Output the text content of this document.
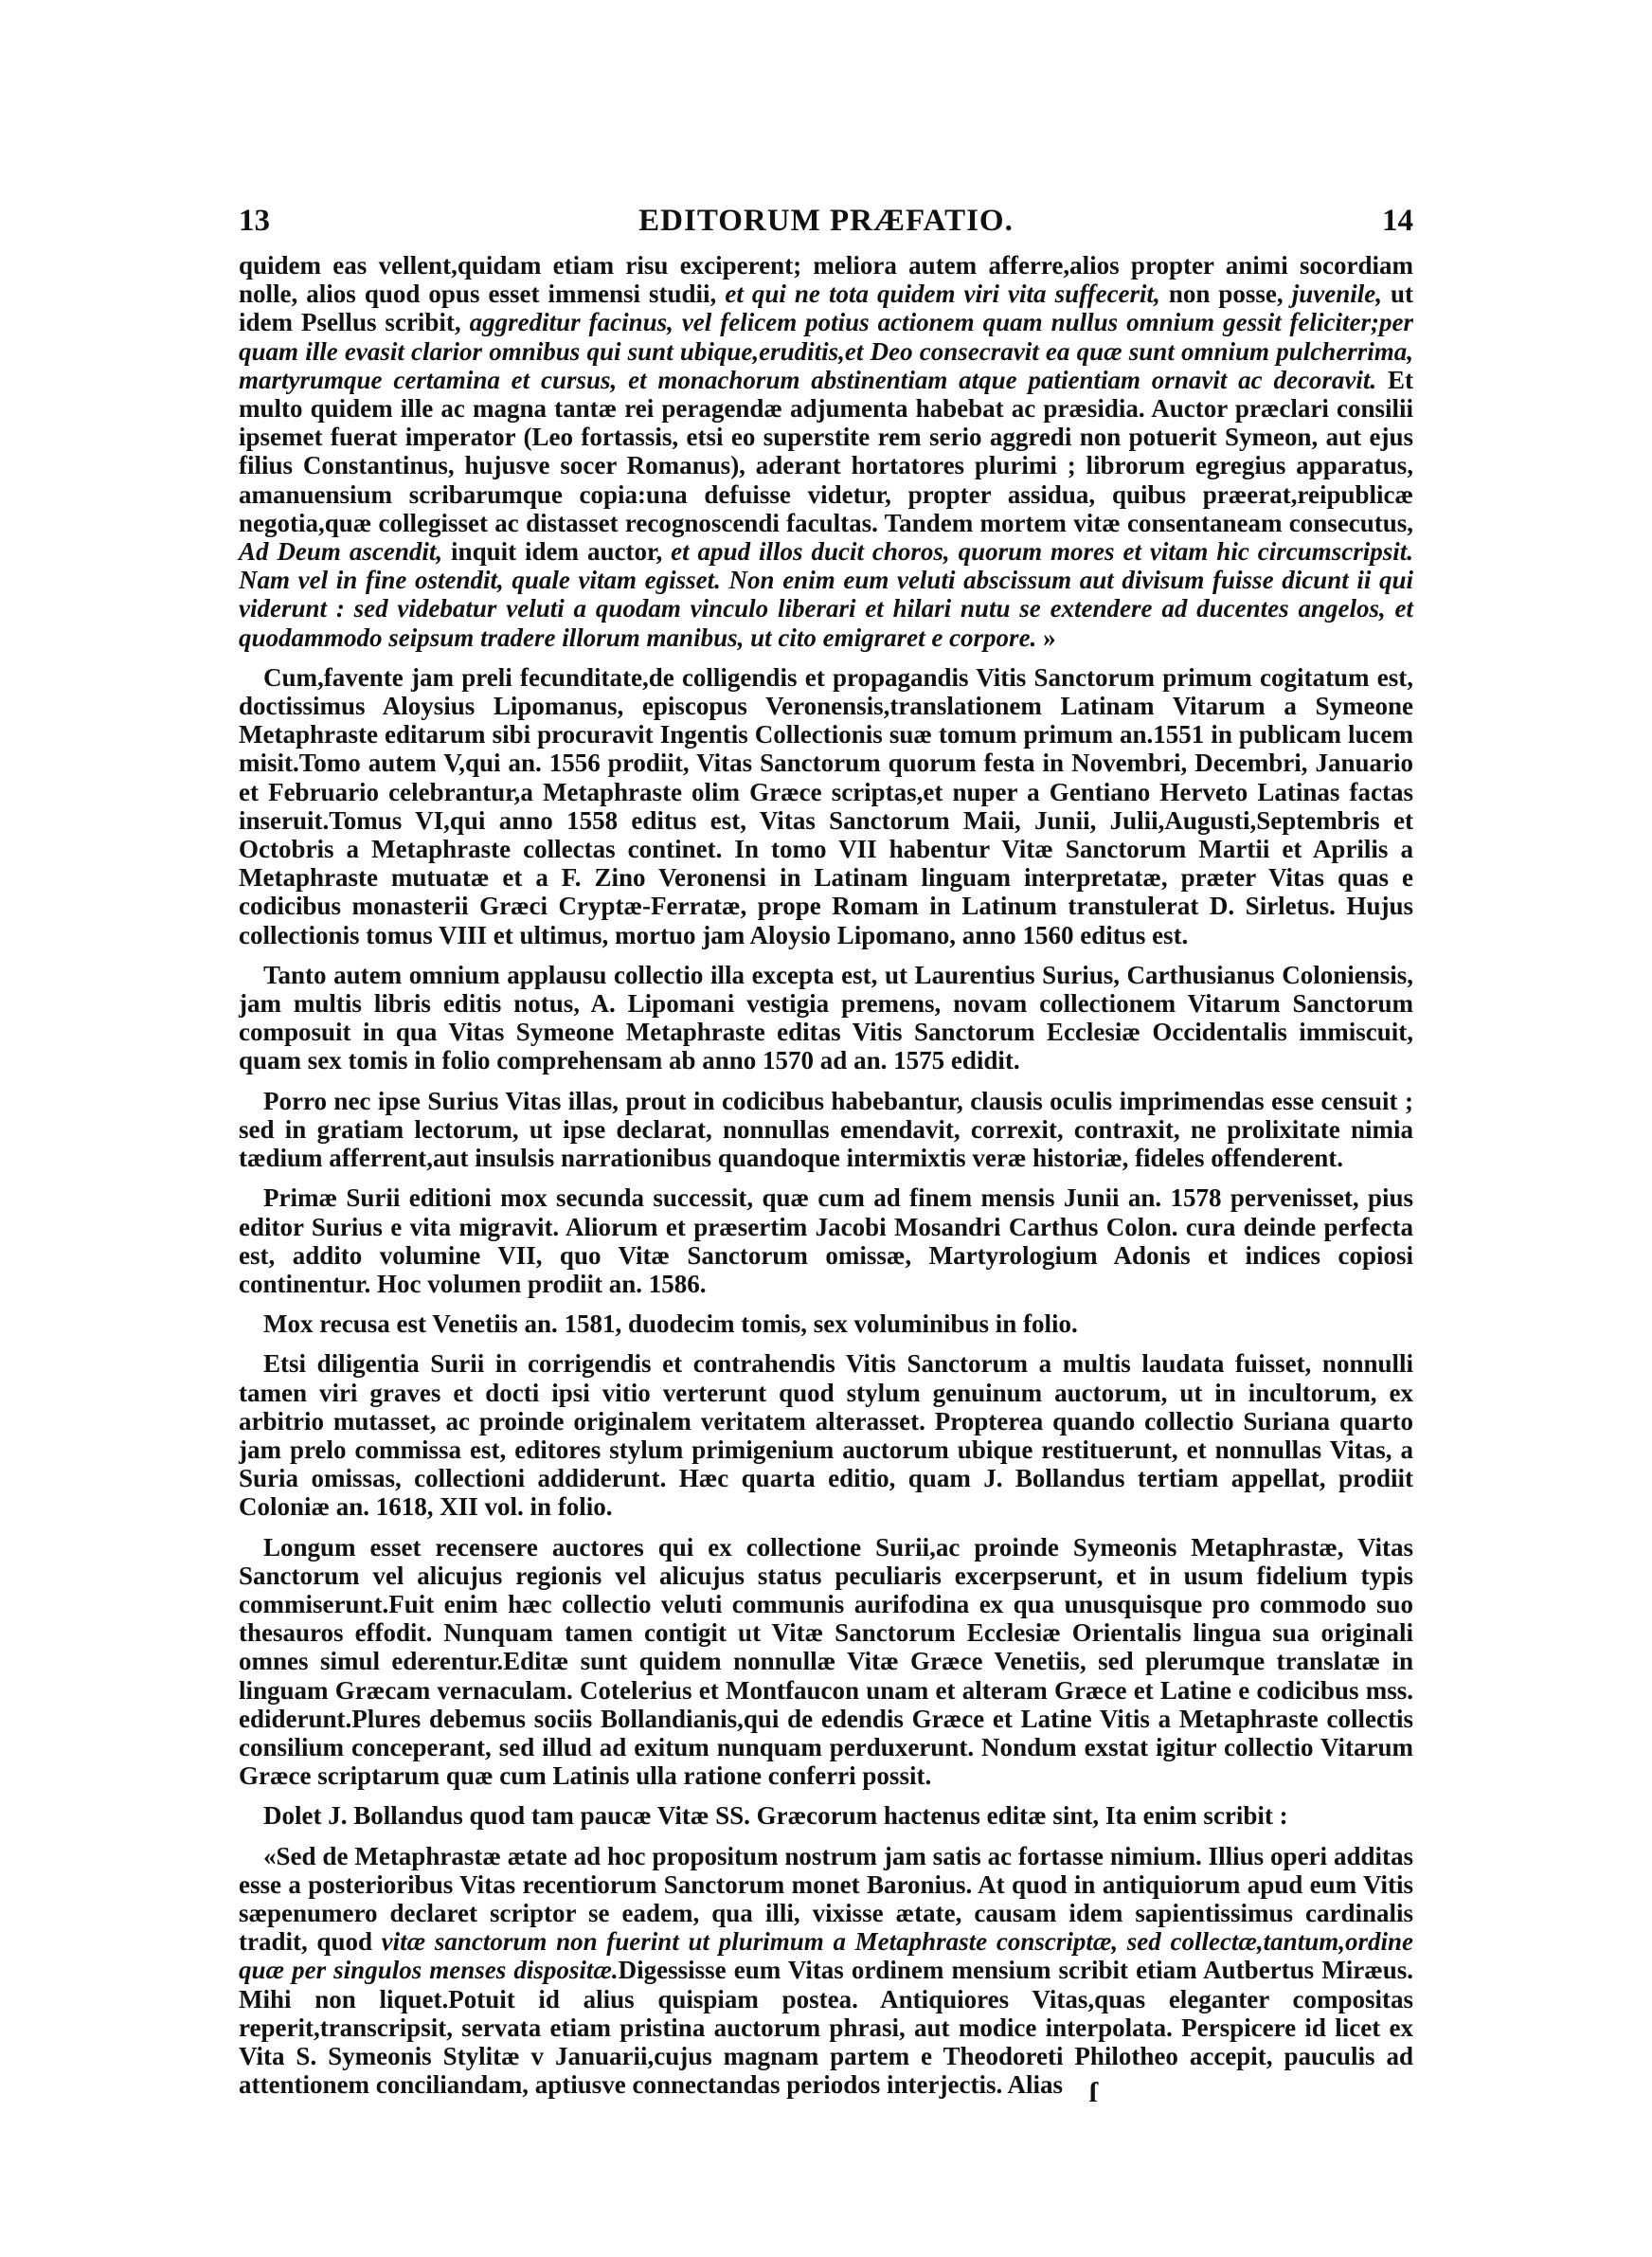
13	EDITORUM PRÆFATIO.	14

quidem eas vellent,quidam etiam risu exciperent; meliora autem afferre,alios propter animi socordiam nolle, alios quod opus esset immensi studii, et qui ne tota quidem viri vita suffecerit, non posse, juvenile, ut idem Psellus scribit, aggreditur facinus, vel felicem potius actionem quam nullus omnium gessit feliciter;per quam ille evasit clarior omnibus qui sunt ubique,eruditis,et Deo consecravit ea quæ sunt omnium pulcherrima, martyrumque certamina et cursus, et monachorum abstinentiam atque patientiam ornavit ac decoravit. Et multo quidem ille ac magna tantæ rei peragendæ adjumenta habebat ac præsidia. Auctor præclari consilii ipsemet fuerat imperator (Leo fortassis, etsi eo superstite rem serio aggredi non potuerit Symeon, aut ejus filius Constantinus, hujusve socer Romanus), aderant hortatores plurimi ; librorum egregius apparatus, amanuensium scribarumque copia:una defuisse videtur, propter assidua, quibus præerat,reipublicæ negotia,quæ collegisset ac distasset recognoscendi facultas. Tandem mortem vitæ consentaneam consecutus, Ad Deum ascendit, inquit idem auctor, et apud illos ducit choros, quorum mores et vitam hic circumscripsit. Nam vel in fine ostendit, quale vitam egisset. Non enim eum veluti abscissum aut divisum fuisse dicunt ii qui viderunt : sed videbatur veluti a quodam vinculo liberari et hilari nutu se extendere ad ducentes angelos, et quodammodo seipsum tradere illorum manibus, ut cito emigraret e corpore. »

Cum,favente jam preli fecunditate,de colligendis et propagandis Vitis Sanctorum primum cogitatum est, doctissimus Aloysius Lipomanus, episcopus Veronensis,translationem Latinam Vitarum a Symeone Metaphraste editarum sibi procuravit Ingentis Collectionis suæ tomum primum an.1551 in publicam lucem misit.Tomo autem V,qui an. 1556 prodiit, Vitas Sanctorum quorum festa in Novembri, Decembri, Januario et Februario celebrantur,a Metaphraste olim Græce scriptas,et nuper a Gentiano Herveto Latinas factas inseruit.Tomus VI,qui anno 1558 editus est, Vitas Sanctorum Maii, Junii, Julii,Augusti,Septembris et Octobris a Metaphraste collectas continet. In tomo VII habentur Vitæ Sanctorum Martii et Aprilis a Metaphraste mutuatæ et a F. Zino Veronensi in Latinam linguam interpretatæ, præter Vitas quas e codicibus monasterii Græci Cryptæ-Ferratæ, prope Romam in Latinum transtulerat D. Sirletus. Hujus collectionis tomus VIII et ultimus, mortuo jam Aloysio Lipomano, anno 1560 editus est.

Tanto autem omnium applausu collectio illa excepta est, ut Laurentius Surius, Carthusianus Coloniensis, jam multis libris editis notus, A. Lipomani vestigia premens, novam collectionem Vitarum Sanctorum composuit in qua Vitas Symeone Metaphraste editas Vitis Sanctorum Ecclesiæ Occidentalis immiscuit, quam sex tomis in folio comprehensam ab anno 1570 ad an. 1575 edidit.

Porro nec ipse Surius Vitas illas, prout in codicibus habebantur, clausis oculis imprimendas esse censuit ; sed in gratiam lectorum, ut ipse declarat, nonnullas emendavit, correxit, contraxit, ne prolixitate nimia tædium afferrent,aut insulsis narrationibus quandoque intermixtis veræ historiæ, fideles offenderent.

Primæ Surii editioni mox secunda successit, quæ cum ad finem mensis Junii an. 1578 pervenisset, pius editor Surius e vita migravit. Aliorum et præsertim Jacobi Mosandri Carthus Colon. cura deinde perfecta est, addito volumine VII, quo Vitæ Sanctorum omissæ, Martyrologium Adonis et indices copiosi continentur. Hoc volumen prodiit an. 1586.

Mox recusa est Venetiis an. 1581, duodecim tomis, sex voluminibus in folio.

Etsi diligentia Surii in corrigendis et contrahendis Vitis Sanctorum a multis laudata fuisset, nonnulli tamen viri graves et docti ipsi vitio verterunt quod stylum genuinum auctorum, ut in incultorum, ex arbitrio mutasset, ac proinde originalem veritatem alterasset. Propterea quando collectio Suriana quarto jam prelo commissa est, editores stylum primigenium auctorum ubique restituerunt, et nonnullas Vitas, a Suria omissas, collectioni addiderunt. Hæc quarta editio, quam J. Bollandus tertiam appellat, prodiit Coloniæ an. 1618, XII vol. in folio.

Longum esset recensere auctores qui ex collectione Surii,ac proinde Symeonis Metaphrastæ, Vitas Sanctorum vel alicujus regionis vel alicujus status peculiaris excerpserunt, et in usum fidelium typis commiserunt.Fuit enim hæc collectio veluti communis aurifodina ex qua unusquisque pro commodo suo thesauros effodit. Nunquam tamen contigit ut Vitæ Sanctorum Ecclesiæ Orientalis lingua sua originali omnes simul ederentur.Editæ sunt quidem nonnullæ Vitæ Græce Venetiis, sed plerumque translatæ in linguam Græcam vernaculam. Cotelerius et Montfaucon unam et alteram Græce et Latine e codicibus mss. ediderunt.Plures debemus sociis Bollandianis,qui de edendis Græce et Latine Vitis a Metaphraste collectis consilium conceperant, sed illud ad exitum nunquam perduxerunt. Nondum exstat igitur collectio Vitarum Græce scriptarum quæ cum Latinis ulla ratione conferri possit.

Dolet J. Bollandus quod tam paucæ Vitæ SS. Græcorum hactenus editæ sint, Ita enim scribit :

«Sed de Metaphrastæ ætate ad hoc propositum nostrum jam satis ac fortasse nimium. Illius operi additas esse a posterioribus Vitas recentiorum Sanctorum monet Baronius. At quod in antiquiorum apud eum Vitis sæpenumero declaret scriptor se eadem, qua illi, vixisse ætate, causam idem sapientissimus cardinalis tradit, quod vitæ sanctorum non fuerint ut plurimum a Metaphraste conscriptæ, sed collectæ,tantum,ordine quæ per singulos menses dispositæ.Digessisse eum Vitas ordinem mensium scribit etiam Autbertus Miræus. Mihi non liquet.Potuit id alius quispiam postea. Antiquiores Vitas,quas eleganter compositas reperit,transcripsit, servata etiam pristina auctorum phrasi, aut modice interpolata. Perspicere id licet ex Vita S. Symeonis Stylitæ v Januarii,cujus magnam partem e Theodoreti Philotheo accepit, pauculis ad attentionem conciliandam, aptiusve connectandas periodos interjectis. Alias ſ
